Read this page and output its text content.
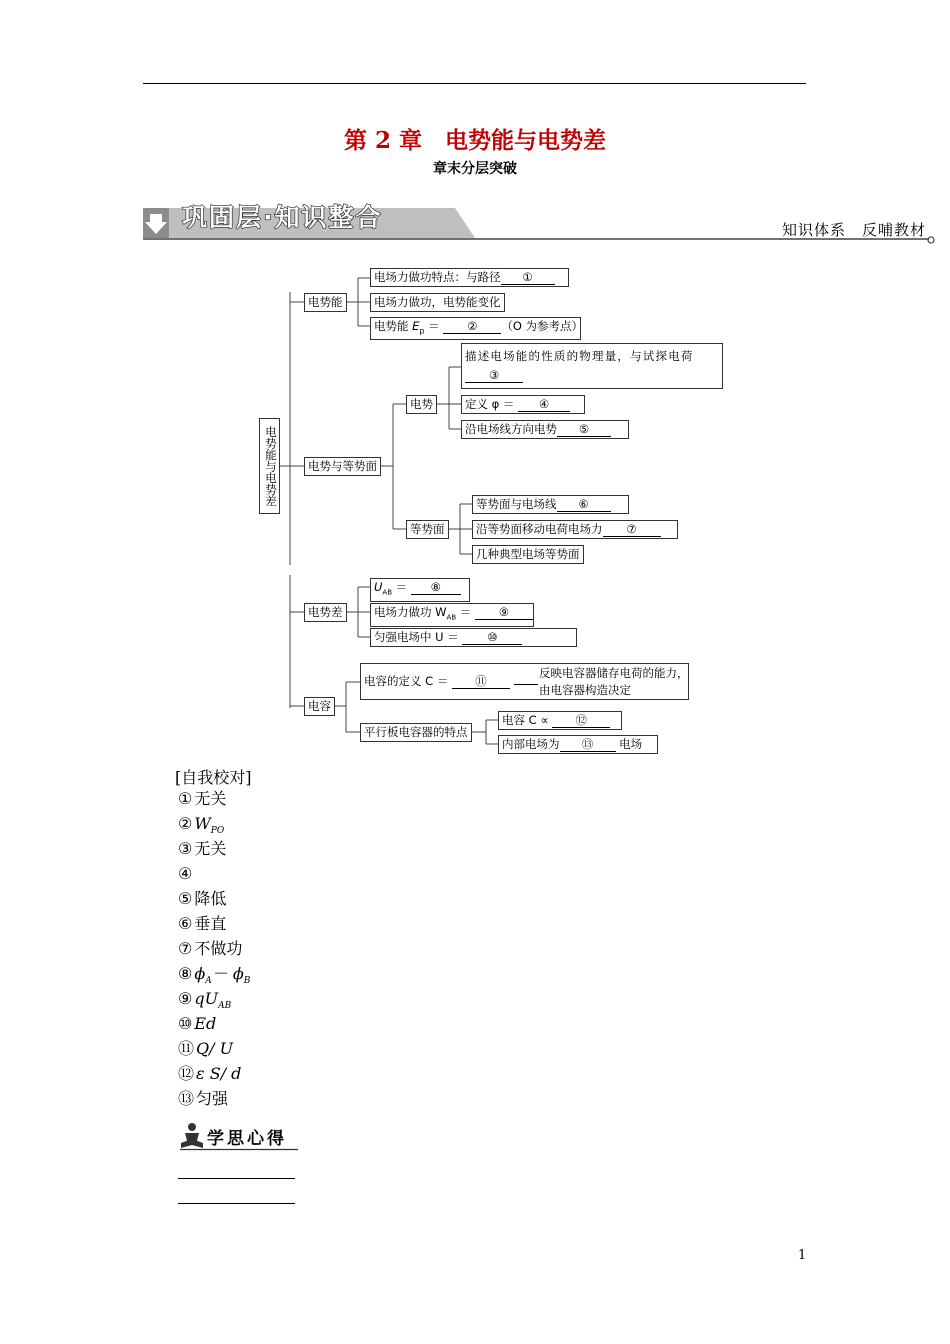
第 2 章　电势能与电势差
章末分层突破
巩固层·知识整合	知识体系　反哺教材
电势能与电势差
电势能
电场力做功特点：与路径 ①
电场力做功，电势能变化
电势能 $E_p$ ＝ ② （O 为参考点）
电势与等势面
电势
描述电场能的性质的物理量，与试探电荷
③
定义 φ ＝ ④
沿电场线方向电势 ⑤
等势面
等势面与电场线 ⑥
沿等势面移动电荷电场力 ⑦
几种典型电场等势面
电势差
$U_{AB}$ ＝ ⑧
电场力做功 $W_{AB}$ ＝ ⑨
匀强电场中 U ＝ ⑩
电容
电容的定义 C ＝ ⑪
反映电容器储存电荷的能力，
由电容器构造决定
平行板电容器的特点
电容 C ∝ ⑫
内部电场为 ⑬ 电场
[自我校对]
① 无关
② $W_{PO}$
③ 无关
④
⑤ 降低
⑥ 垂直
⑦ 不做功
⑧ $\phi_A- \phi_B$
⑨ $qU_{AB}$
⑩ Ed
⑪ Q/ U
⑫ ε S/ d
⑬ 匀强
学思心得
1
